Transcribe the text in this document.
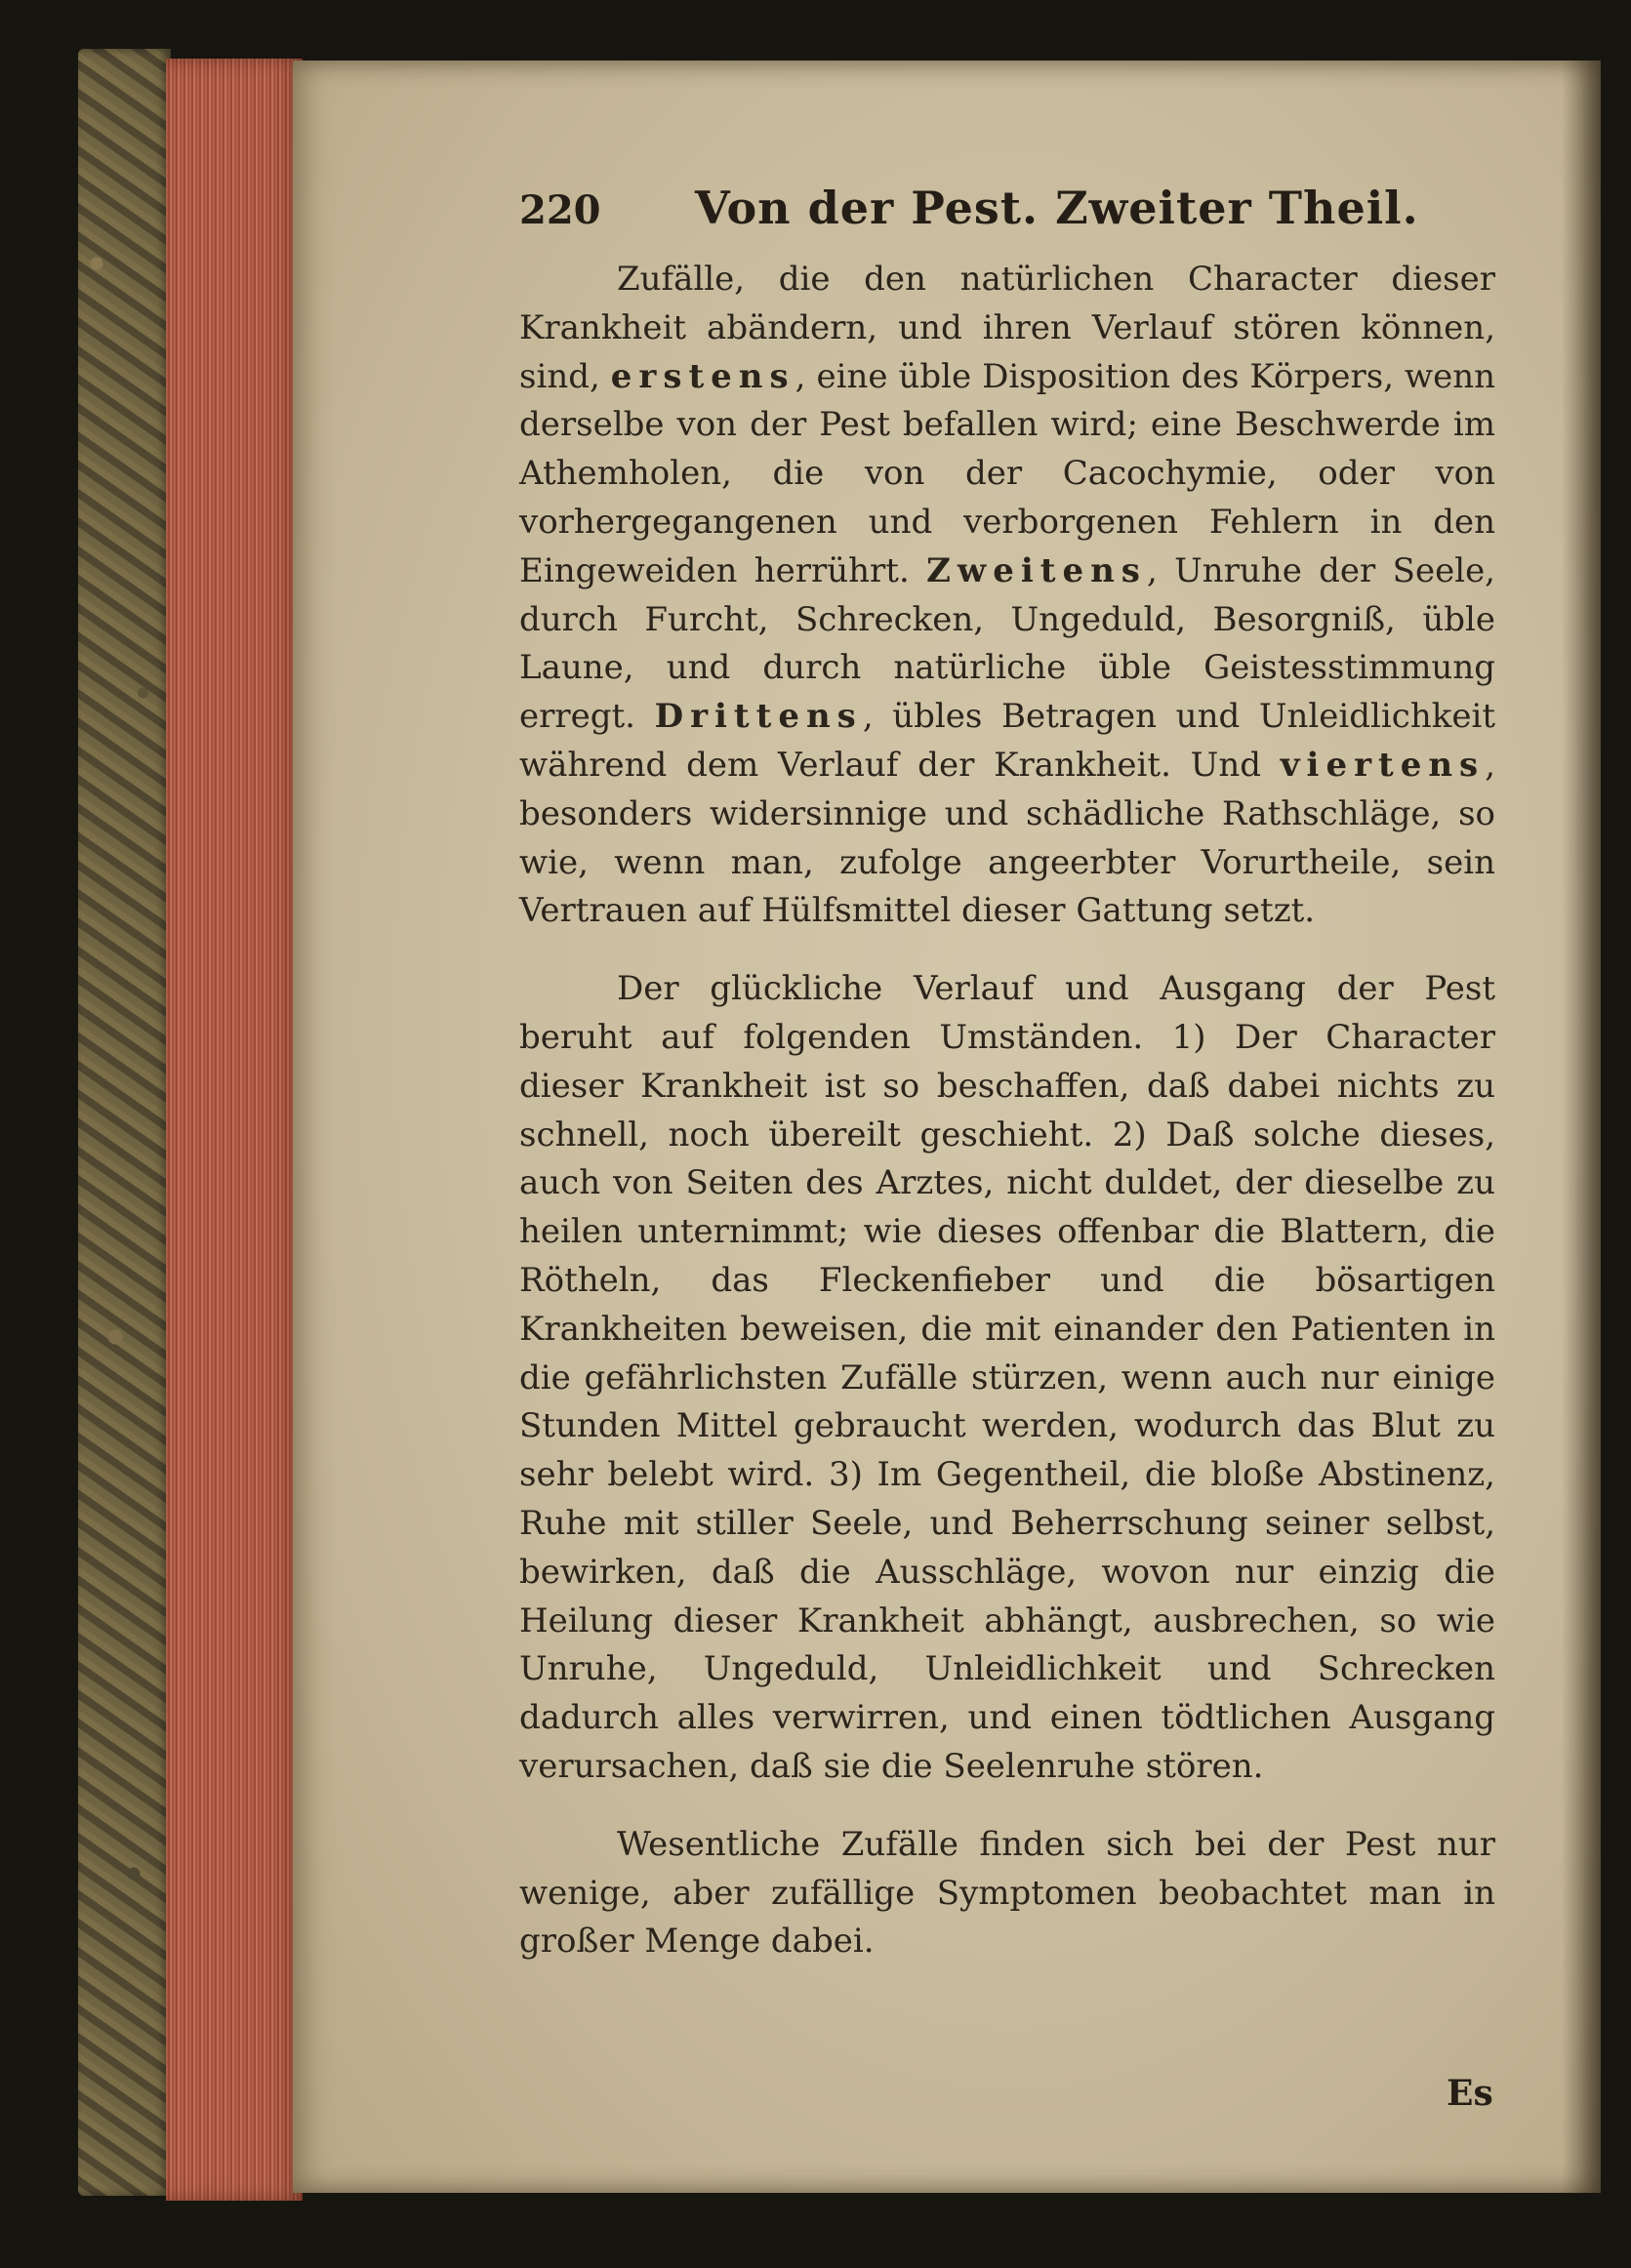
220 Von der Pest. Zweiter Theil.

Zufälle, die den natürlichen Character dieser Krankheit abändern, und ihren Verlauf stören können, sind, erstens, eine üble Disposition des Körpers, wenn derselbe von der Pest befallen wird; eine Beschwerde im Athemholen, die von der Cacochymie, oder von vorhergegangenen und verborgenen Fehlern in den Eingeweiden herrührt. Zweitens, Unruhe der Seele, durch Furcht, Schrecken, Ungeduld, Besorgniß, üble Laune, und durch natürliche üble Geistesstimmung erregt. Drittens, übles Betragen und Unleidlichkeit während dem Verlauf der Krankheit. Und viertens, besonders widersinnige und schädliche Rathschläge, so wie, wenn man, zufolge angeerbter Vorurtheile, sein Vertrauen auf Hülfsmittel dieser Gattung setzt.

Der glückliche Verlauf und Ausgang der Pest beruht auf folgenden Umständen. 1) Der Character dieser Krankheit ist so beschaffen, daß dabei nichts zu schnell, noch übereilt geschieht. 2) Daß solche dieses, auch von Seiten des Arztes, nicht duldet, der dieselbe zu heilen unternimmt; wie dieses offenbar die Blattern, die Rötheln, das Fleckenfieber und die bösartigen Krankheiten beweisen, die mit einander den Patienten in die gefährlichsten Zufälle stürzen, wenn auch nur einige Stunden Mittel gebraucht werden, wodurch das Blut zu sehr belebt wird. 3) Im Gegentheil, die bloße Abstinenz, Ruhe mit stiller Seele, und Beherrschung seiner selbst, bewirken, daß die Ausschläge, wovon nur einzig die Heilung dieser Krankheit abhängt, ausbrechen, so wie Unruhe, Ungeduld, Unleidlichkeit und Schrecken dadurch alles verwirren, und einen tödtlichen Ausgang verursachen, daß sie die Seelenruhe stören.

Wesentliche Zufälle finden sich bei der Pest nur wenige, aber zufällige Symptomen beobachtet man in großer Menge dabei.

Es
